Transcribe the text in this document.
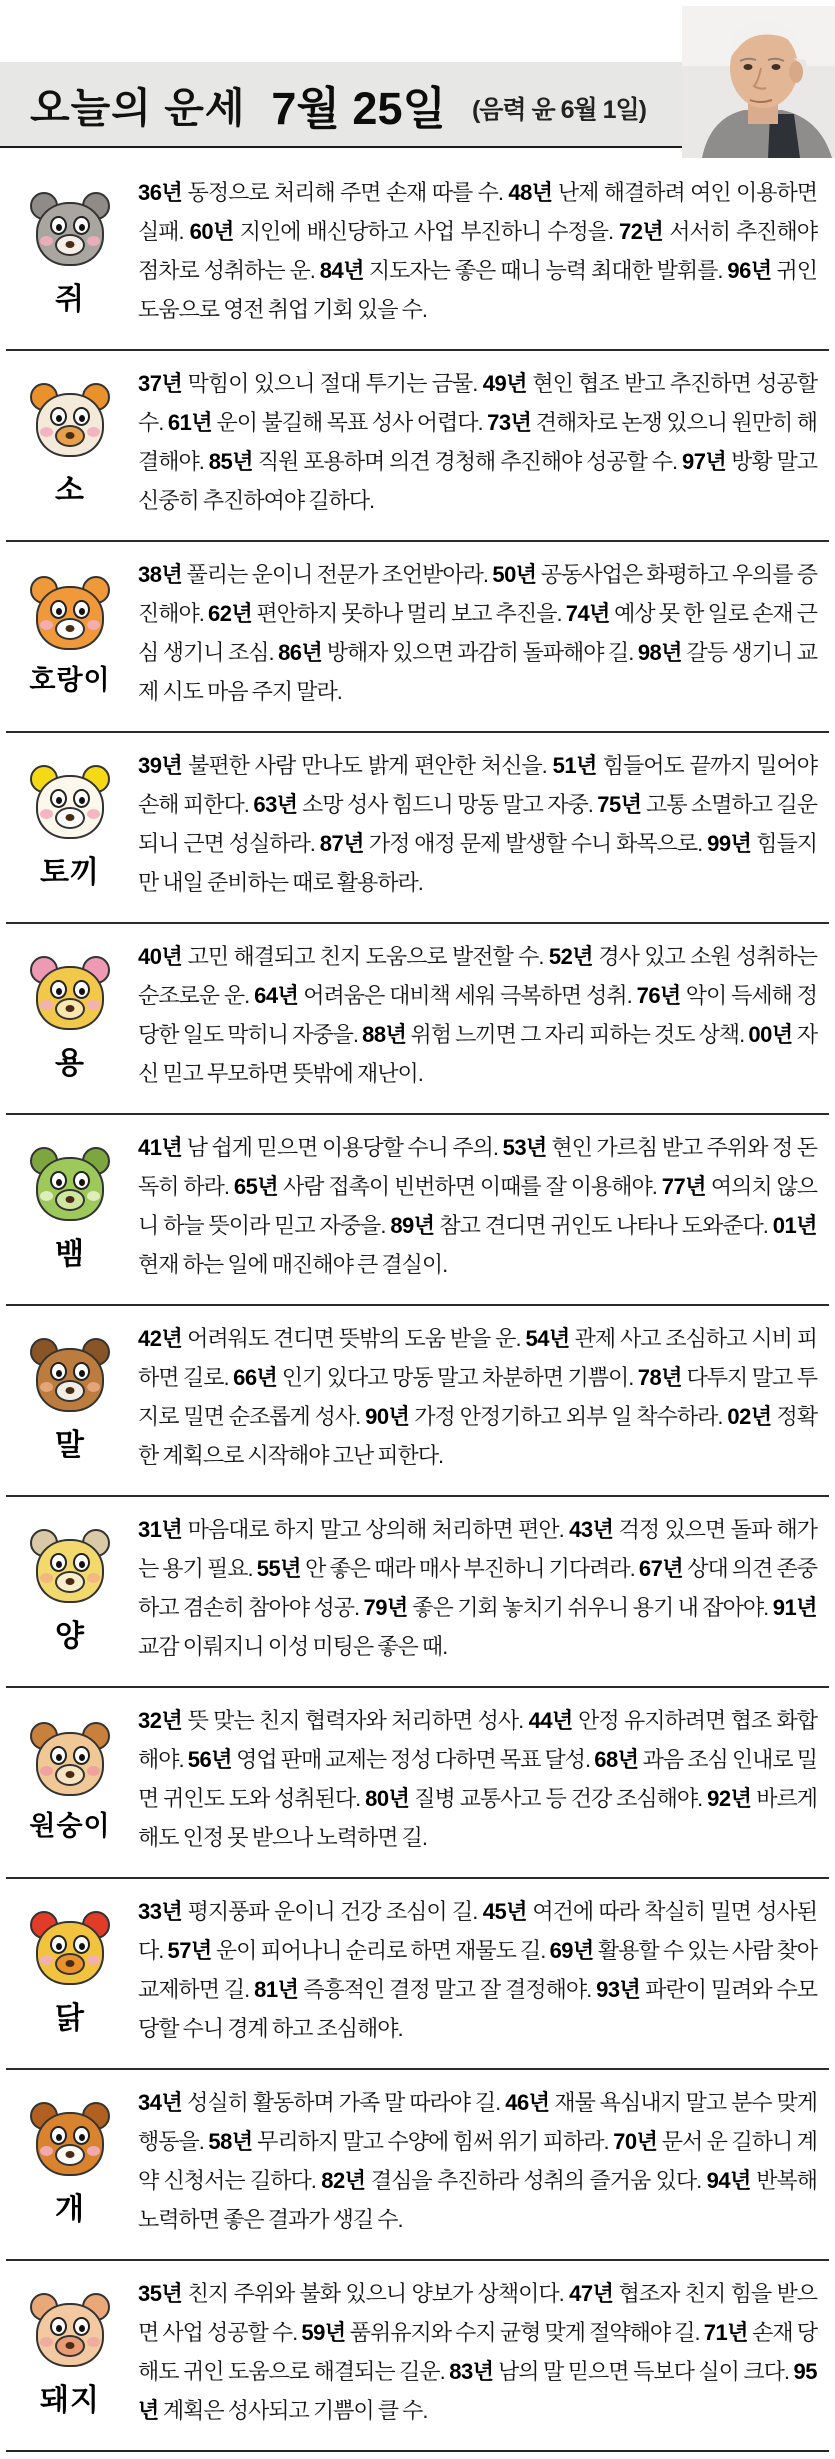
오늘의 운세 7월 25일 (음력 윤 6월 1일)
쥐
36년 동정으로 처리해 주면 손재 따를 수. 48년 난제 해결하려 여인 이용하면 실패. 60년 지인에 배신당하고 사업 부진하니 수정을. 72년 서서히 추진해야 점차로 성취하는 운. 84년 지도자는 좋은 때니 능력 최대한 발휘를. 96년 귀인 도움으로 영전 취업 기회 있을 수.
소
37년 막힘이 있으니 절대 투기는 금물. 49년 현인 협조 받고 추진하면 성공할 수. 61년 운이 불길해 목표 성사 어렵다. 73년 견해차로 논쟁 있으니 원만히 해결해야. 85년 직원 포용하며 의견 경청해 추진해야 성공할 수. 97년 방황 말고 신중히 추진하여야 길하다.
호랑이
38년 풀리는 운이니 전문가 조언받아라. 50년 공동사업은 화평하고 우의를 증진해야. 62년 편안하지 못하나 멀리 보고 추진을. 74년 예상 못 한 일로 손재 근심 생기니 조심. 86년 방해자 있으면 과감히 돌파해야 길. 98년 갈등 생기니 교제 시도 마음 주지 말라.
토끼
39년 불편한 사람 만나도 밝게 편안한 처신을. 51년 힘들어도 끝까지 밀어야 손해 피한다. 63년 소망 성사 힘드니 망동 말고 자중. 75년 고통 소멸하고 길운 되니 근면 성실하라. 87년 가정 애정 문제 발생할 수니 화목으로. 99년 힘들지만 내일 준비하는 때로 활용하라.
용
40년 고민 해결되고 친지 도움으로 발전할 수. 52년 경사 있고 소원 성취하는 순조로운 운. 64년 어려움은 대비책 세워 극복하면 성취. 76년 악이 득세해 정당한 일도 막히니 자중을. 88년 위험 느끼면 그 자리 피하는 것도 상책. 00년 자신 믿고 무모하면 뜻밖에 재난이.
뱀
41년 남 쉽게 믿으면 이용당할 수니 주의. 53년 현인 가르침 받고 주위와 정 돈독히 하라. 65년 사람 접촉이 빈번하면 이때를 잘 이용해야. 77년 여의치 않으니 하늘 뜻이라 믿고 자중을. 89년 참고 견디면 귀인도 나타나 도와준다. 01년 현재 하는 일에 매진해야 큰 결실이.
말
42년 어려워도 견디면 뜻밖의 도움 받을 운. 54년 관제 사고 조심하고 시비 피하면 길로. 66년 인기 있다고 망동 말고 차분하면 기쁨이. 78년 다투지 말고 투지로 밀면 순조롭게 성사. 90년 가정 안정기하고 외부 일 착수하라. 02년 정확한 계획으로 시작해야 고난 피한다.
양
31년 마음대로 하지 말고 상의해 처리하면 편안. 43년 걱정 있으면 돌파 해가는 용기 필요. 55년 안 좋은 때라 매사 부진하니 기다려라. 67년 상대 의견 존중하고 겸손히 참아야 성공. 79년 좋은 기회 놓치기 쉬우니 용기 내 잡아야. 91년 교감 이뤄지니 이성 미팅은 좋은 때.
원숭이
32년 뜻 맞는 친지 협력자와 처리하면 성사. 44년 안정 유지하려면 협조 화합해야. 56년 영업 판매 교제는 정성 다하면 목표 달성. 68년 과음 조심 인내로 밀면 귀인도 도와 성취된다. 80년 질병 교통사고 등 건강 조심해야. 92년 바르게 해도 인정 못 받으나 노력하면 길.
닭
33년 평지풍파 운이니 건강 조심이 길. 45년 여건에 따라 착실히 밀면 성사된다. 57년 운이 피어나니 순리로 하면 재물도 길. 69년 활용할 수 있는 사람 찾아 교제하면 길. 81년 즉흥적인 결정 말고 잘 결정해야. 93년 파란이 밀려와 수모 당할 수니 경계 하고 조심해야.
개
34년 성실히 활동하며 가족 말 따라야 길. 46년 재물 욕심내지 말고 분수 맞게 행동을. 58년 무리하지 말고 수양에 힘써 위기 피하라. 70년 문서 운 길하니 계약 신청서는 길하다. 82년 결심을 추진하라 성취의 즐거움 있다. 94년 반복해 노력하면 좋은 결과가 생길 수.
돼지
35년 친지 주위와 불화 있으니 양보가 상책이다. 47년 협조자 친지 힘을 받으면 사업 성공할 수. 59년 품위유지와 수지 균형 맞게 절약해야 길. 71년 손재 당해도 귀인 도움으로 해결되는 길운. 83년 남의 말 믿으면 득보다 실이 크다. 95년 계획은 성사되고 기쁨이 클 수.
